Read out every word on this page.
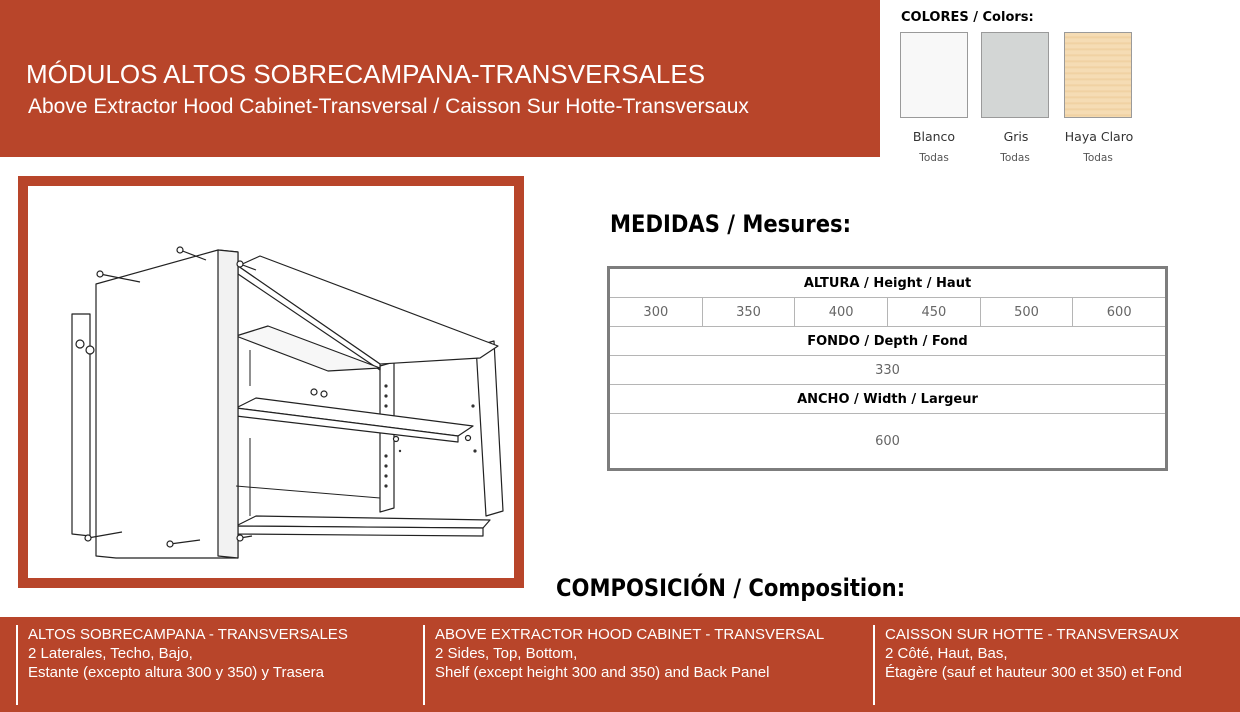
MÓDULOS ALTOS SOBRECAMPANA-TRANSVERSALES
Above Extractor Hood Cabinet-Transversal / Caisson Sur Hotte-Transversaux
COLORES / Colors:
Blanco
Todas
Gris
Todas
Haya Claro
Todas
MEDIDAS / Mesures:
ALTURA / Height / Haut
300	350	400	450	500	600
FONDO / Depth / Fond
330
ANCHO / Width / Largeur
600
COMPOSICIÓN / Composition:
ALTOS SOBRECAMPANA - TRANSVERSALES
2 Laterales, Techo, Bajo,
Estante (excepto altura 300 y 350) y Trasera
ABOVE EXTRACTOR HOOD CABINET - TRANSVERSAL
2 Sides, Top, Bottom,
Shelf (except height 300 and 350) and Back Panel
CAISSON SUR HOTTE - TRANSVERSAUX
2 Côté, Haut, Bas,
Étagère (sauf et hauteur 300 et 350) et Fond
